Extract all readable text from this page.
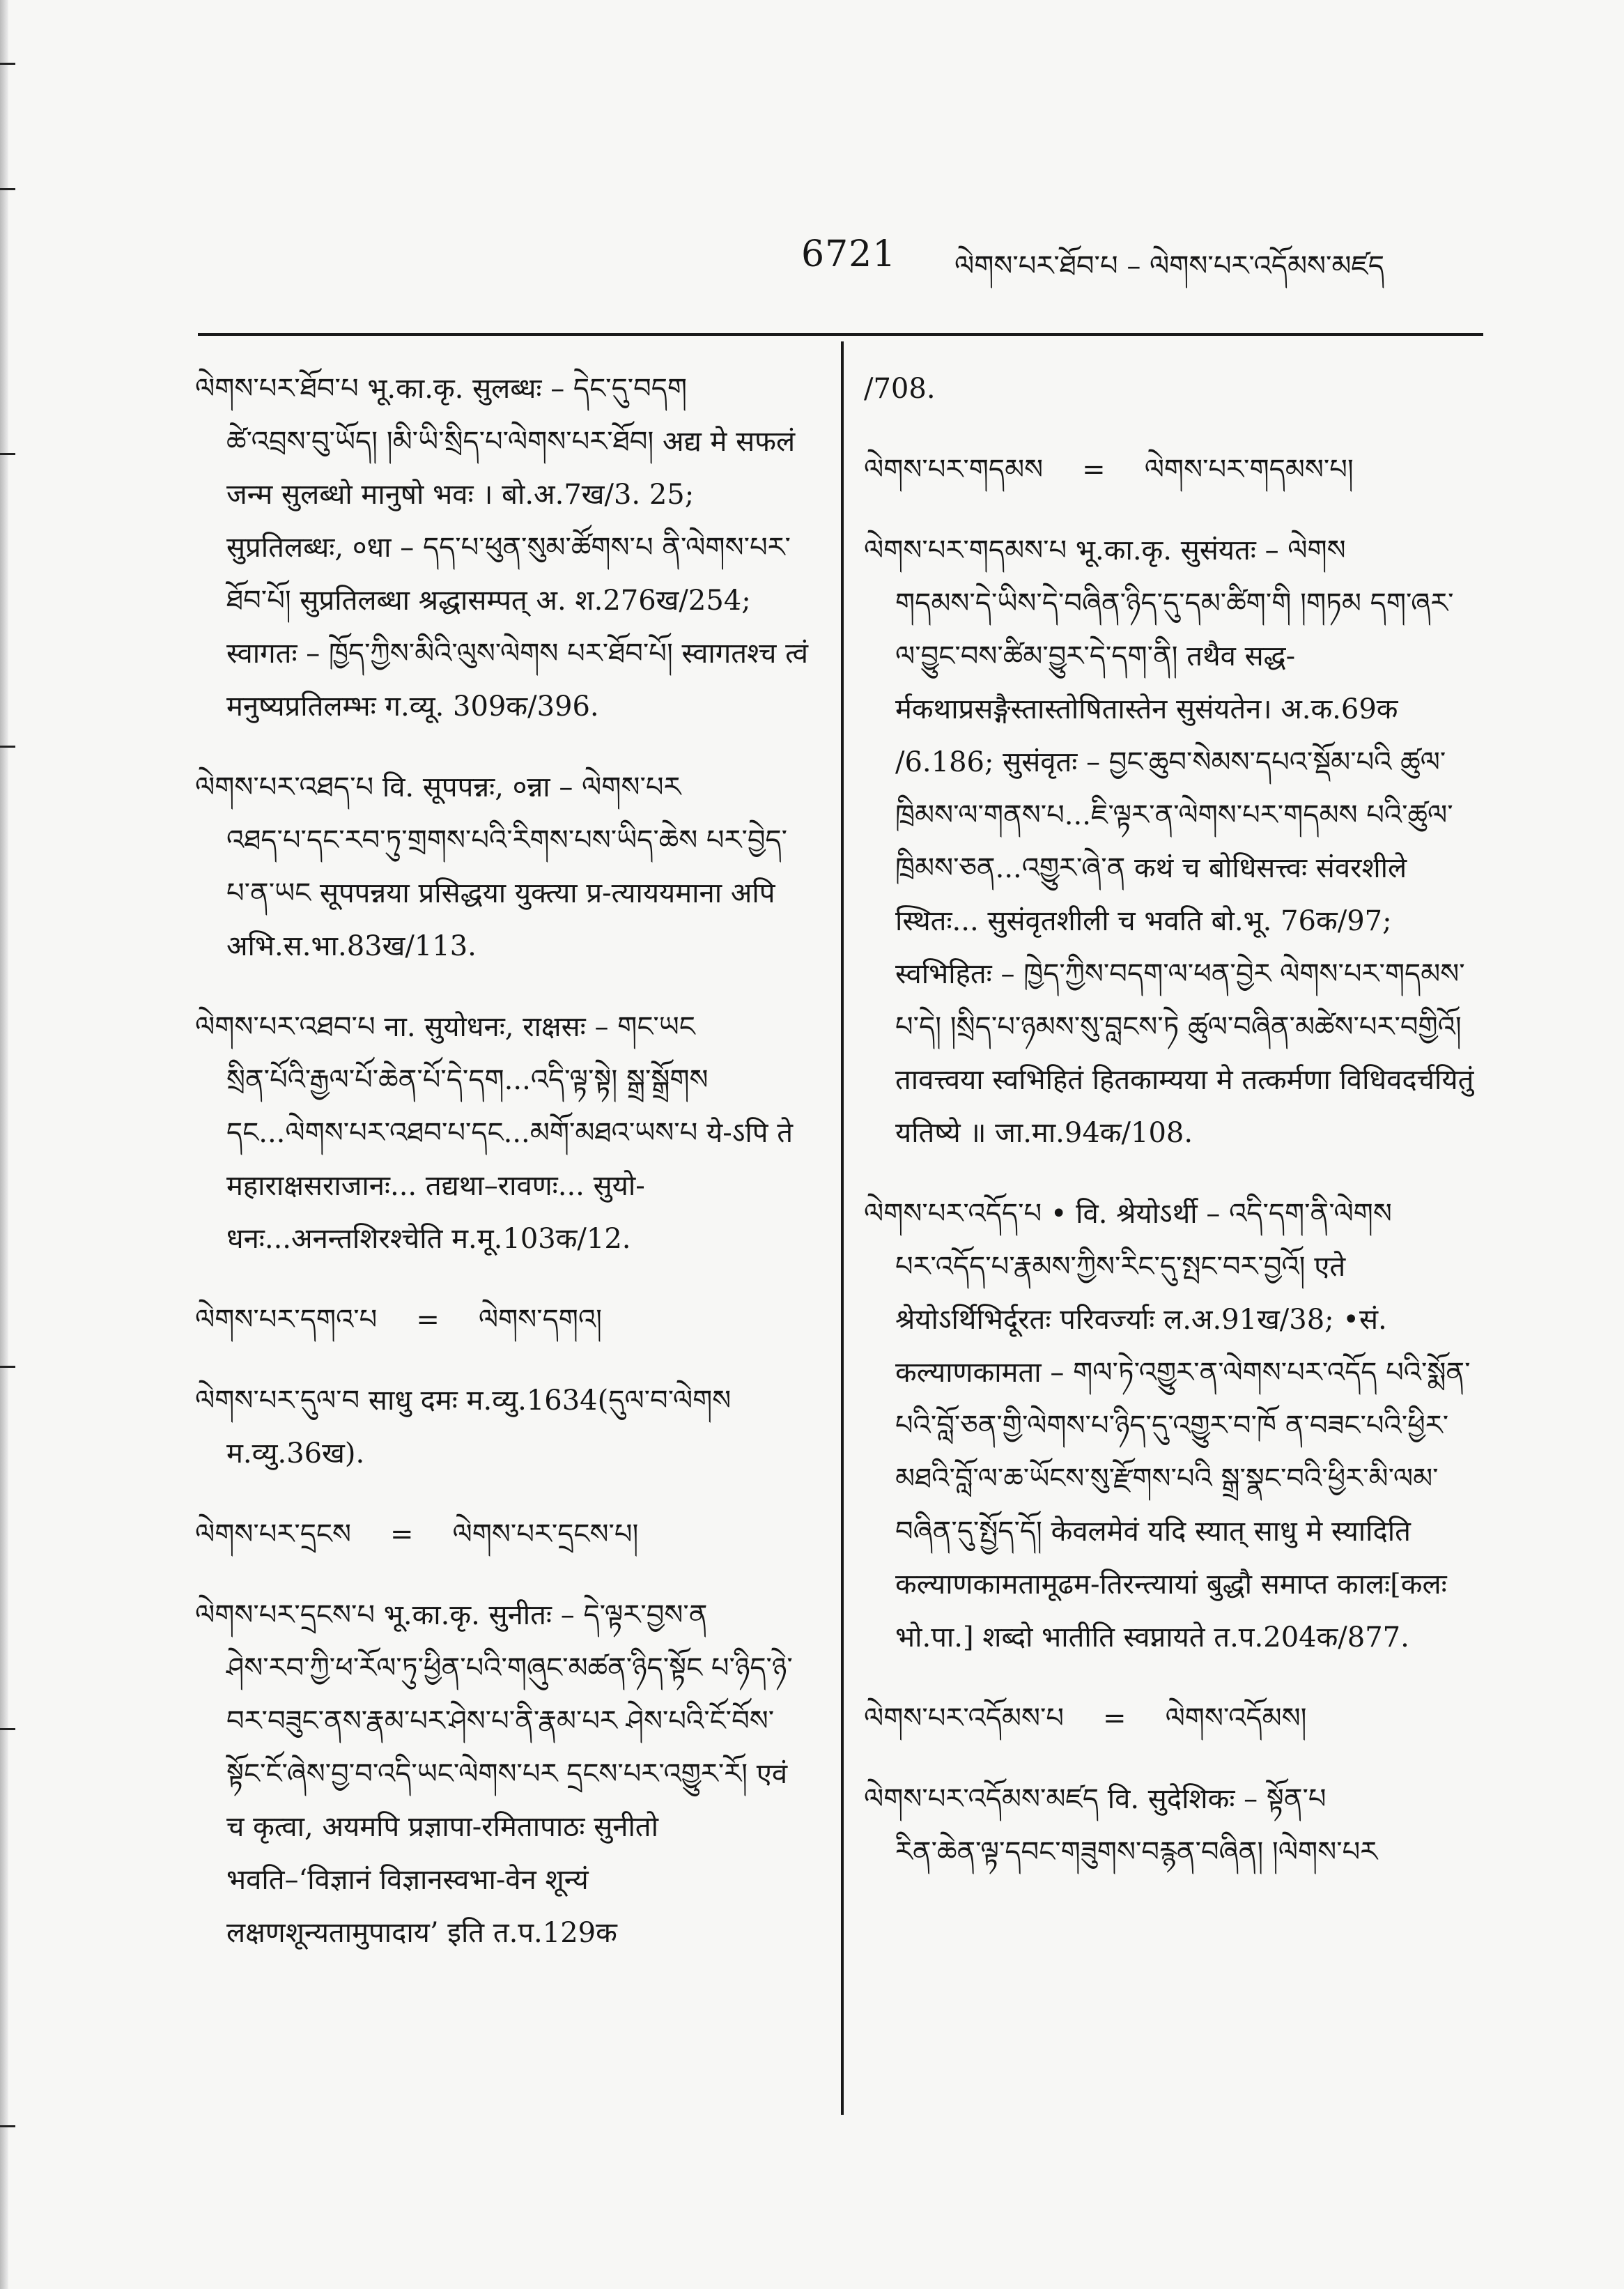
6721 ལེགས་པར་ཐོབ་པ – ལེགས་པར་འདོམས་མཛད

ལེགས་པར་ཐོབ་པ भू.का.कृ. सुलब्धः – དེང་དུ་བདག

ཚེ་འབྲས་བུ་ཡོད། །མི་ཡི་སྲིད་པ་ལེགས་པར་ཐོབ། अद्य मे सफलं जन्म सुलब्धो मानुषो भवः । बो.अ.7ख/3. 25; सुप्रतिलब्धः, ०धा – དད་པ་ཕུན་སུམ་ཚོགས་པ ནི་ལེགས་པར་ཐོབ་པོ། सुप्रतिलब्धा श्रद्धासम्पत् अ. श.276ख/254; स्वागतः – ཁྱོད་ཀྱིས་མིའི་ལུས་ལེགས པར་ཐོབ་པོ། स्वागतश्च त्वं मनुष्यप्रतिलम्भः ग.व्यू. 309क/396.

ལེགས་པར་འཐད་པ वि. सूपपन्नः, ०न्ना – ལེགས་པར

འཐད་པ་དང་རབ་ཏུ་གྲགས་པའི་རིགས་པས་ཡིད་ཆེས པར་བྱེད་པ་ན་ཡང सूपपन्नया प्रसिद्धया युक्त्या प्र-त्याययमाना अपि अभि.स.भा.83ख/113.

ལེགས་པར་འཐབ་པ ना. सुयोधनः, राक्षसः – གང་ཡང

སྲིན་པོའི་རྒྱལ་པོ་ཆེན་པོ་དེ་དག...འདི་ལྟ་སྟེ། སྒྲ་སྒྲོགས དང...ལེགས་པར་འཐབ་པ་དང...མགོ་མཐའ་ཡས་པ ये-ऽपि ते महाराक्षसराजानः... तद्यथा–रावणः... सुयो-धनः...अनन्तशिरश्चेति म.मू.103क/12.

ལེགས་པར་དགའ་པ = ལེགས་དགའ།

ལེགས་པར་དུལ་བ साधु दमः म.व्यु.1634(དུལ་བ་ལེགས

म.व्यु.36ख).

ལེགས་པར་དྲངས = ལེགས་པར་དྲངས་པ།

ལེགས་པར་དྲངས་པ भू.का.कृ. सुनीतः – དེ་ལྟར་བྱས་ན

ཤེས་རབ་ཀྱི་ཕ་རོལ་ཏུ་ཕྱིན་པའི་གཞུང་མཚན་ཉིད་སྟོང པ་ཉིད་ཉེ་བར་བཟུང་ནས་རྣམ་པར་ཤེས་པ་ནི་རྣམ་པར ཤེས་པའི་ངོ་བོས་སྟོང་ངོ་ཞེས་བྱ་བ་འདི་ཡང་ལེགས་པར དྲངས་པར་འགྱུར་རོ། एवं च कृत्वा, अयमपि प्रज्ञापा-रमितापाठः सुनीतो भवति–‘विज्ञानं विज्ञानस्वभा-वेन शून्यं लक्षणशून्यतामुपादाय’ इति त.प.129क

/708.

ལེགས་པར་གདམས = ལེགས་པར་གདམས་པ།

ལེགས་པར་གདམས་པ भू.का.कृ. सुसंयतः – ལེགས

གདམས་དེ་ཡིས་དེ་བཞིན་ཉིད་དུ་དམ་ཚིག་གི །གཏམ དག་ཞར་ལ་བྱུང་བས་ཚིམ་བྱུར་དེ་དག་ནི། तथैव सद्ध-र्मकथाप्रसङ्गैस्तास्तोषितास्तेन सुसंयतेन। अ.क.69क /6.186; सुसंवृतः – བྱང་ཆུབ་སེམས་དཔའ་སྡོམ་པའི ཚུལ་ཁྲིམས་ལ་གནས་པ...ཇི་ལྟར་ན་ལེགས་པར་གདམས པའི་ཚུལ་ཁྲིམས་ཅན...འགྱུར་ཞེ་ན कथं च बोधिसत्त्वः संवरशीले स्थितः... सुसंवृतशीली च भवति बो.भू. 76क/97; स्वभिहितः – ཁྱེད་ཀྱིས་བདག་ལ་ཕན་བྱེར ལེགས་པར་གདམས་པ་དེ། །སྲིད་པ་ཉམས་སུ་བླངས་ཏེ ཚུལ་བཞིན་མཚེས་པར་བགྱིའོ། तावत्त्वया स्वभिहितं हितकाम्यया मे तत्कर्मणा विधिवदर्चयितुं यतिष्ये ॥ जा.मा.94क/108.

ལེགས་པར་འདོད་པ • वि. श्रेयोऽर्थी – འདི་དག་ནི་ལེགས

པར་འདོད་པ་རྣམས་ཀྱིས་རིང་དུ་སྤང་བར་བྱའོ། एते श्रेयोऽर्थिभिर्दूरतः परिवर्ज्याः ल.अ.91ख/38; •सं. कल्याणकामता – གལ་ཏེ་འགྱུར་ན་ལེགས་པར་འདོད པའི་སྨོན་པའི་བློ་ཅན་གྱི་ལེགས་པ་ཉིད་དུ་འགྱུར་བ་ཁོ ན་བཟང་པའི་ཕྱིར་མཐའི་བློ་ལ་ཆ་ཡོངས་སུ་རྫོགས་པའི སྒྲ་སྣང་བའི་ཕྱིར་མི་ལམ་བཞིན་དུ་སྤྱོད་དོ། केवलमेवं यदि स्यात् साधु मे स्यादिति कल्याणकामतामूढम-तिरन्त्यायां बुद्धौ समाप्त कालः[कलः भो.पा.] शब्दो भातीति स्वप्नायते त.प.204क/877.

ལེགས་པར་འདོམས་པ = ལེགས་འདོམས།

ལེགས་པར་འདོམས་མཛད वि. सुदेशिकः – སྟོན་པ

རིན་ཆེན་ལྟ་དབང་གཟུགས་བརྙན་བཞིན། །ལེགས་པར
